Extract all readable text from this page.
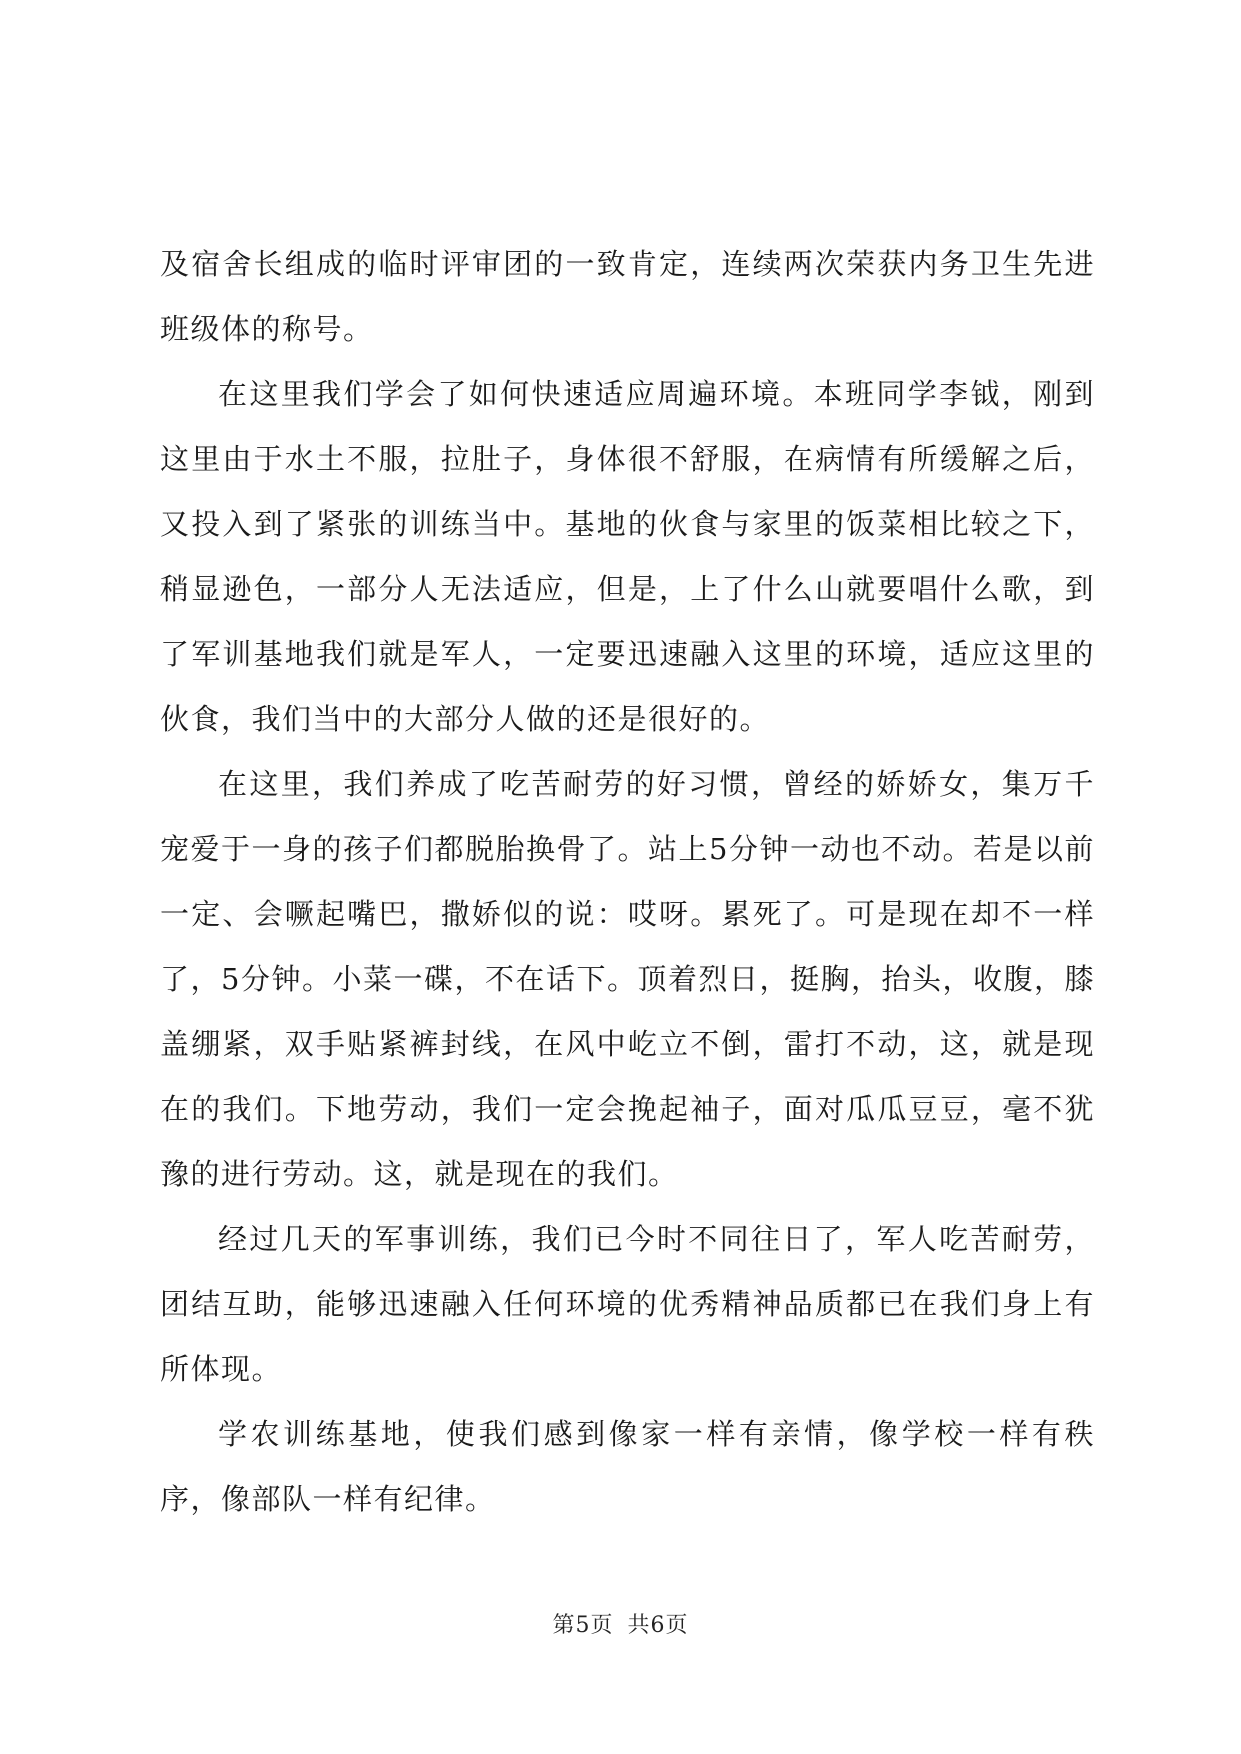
及宿舍长组成的临时评审团的一致肯定，连续两次荣获内务卫生先进班级体的称号。

在这里我们学会了如何快速适应周遍环境。本班同学李钺，刚到这里由于水土不服，拉肚子，身体很不舒服，在病情有所缓解之后，又投入到了紧张的训练当中。基地的伙食与家里的饭菜相比较之下，稍显逊色，一部分人无法适应，但是，上了什么山就要唱什么歌，到了军训基地我们就是军人，一定要迅速融入这里的环境，适应这里的伙食，我们当中的大部分人做的还是很好的。

在这里，我们养成了吃苦耐劳的好习惯，曾经的娇娇女，集万千宠爱于一身的孩子们都脱胎换骨了。站上5分钟一动也不动。若是以前一定、会噘起嘴巴，撒娇似的说：哎呀。累死了。可是现在却不一样了，5分钟。小菜一碟，不在话下。顶着烈日，挺胸，抬头，收腹，膝盖绷紧，双手贴紧裤封线，在风中屹立不倒，雷打不动，这，就是现在的我们。下地劳动，我们一定会挽起袖子，面对瓜瓜豆豆，毫不犹豫的进行劳动。这，就是现在的我们。

经过几天的军事训练，我们已今时不同往日了，军人吃苦耐劳，团结互助，能够迅速融入任何环境的优秀精神品质都已在我们身上有所体现。

学农训练基地，使我们感到像家一样有亲情，像学校一样有秩序，像部队一样有纪律。

第5页 共6页
